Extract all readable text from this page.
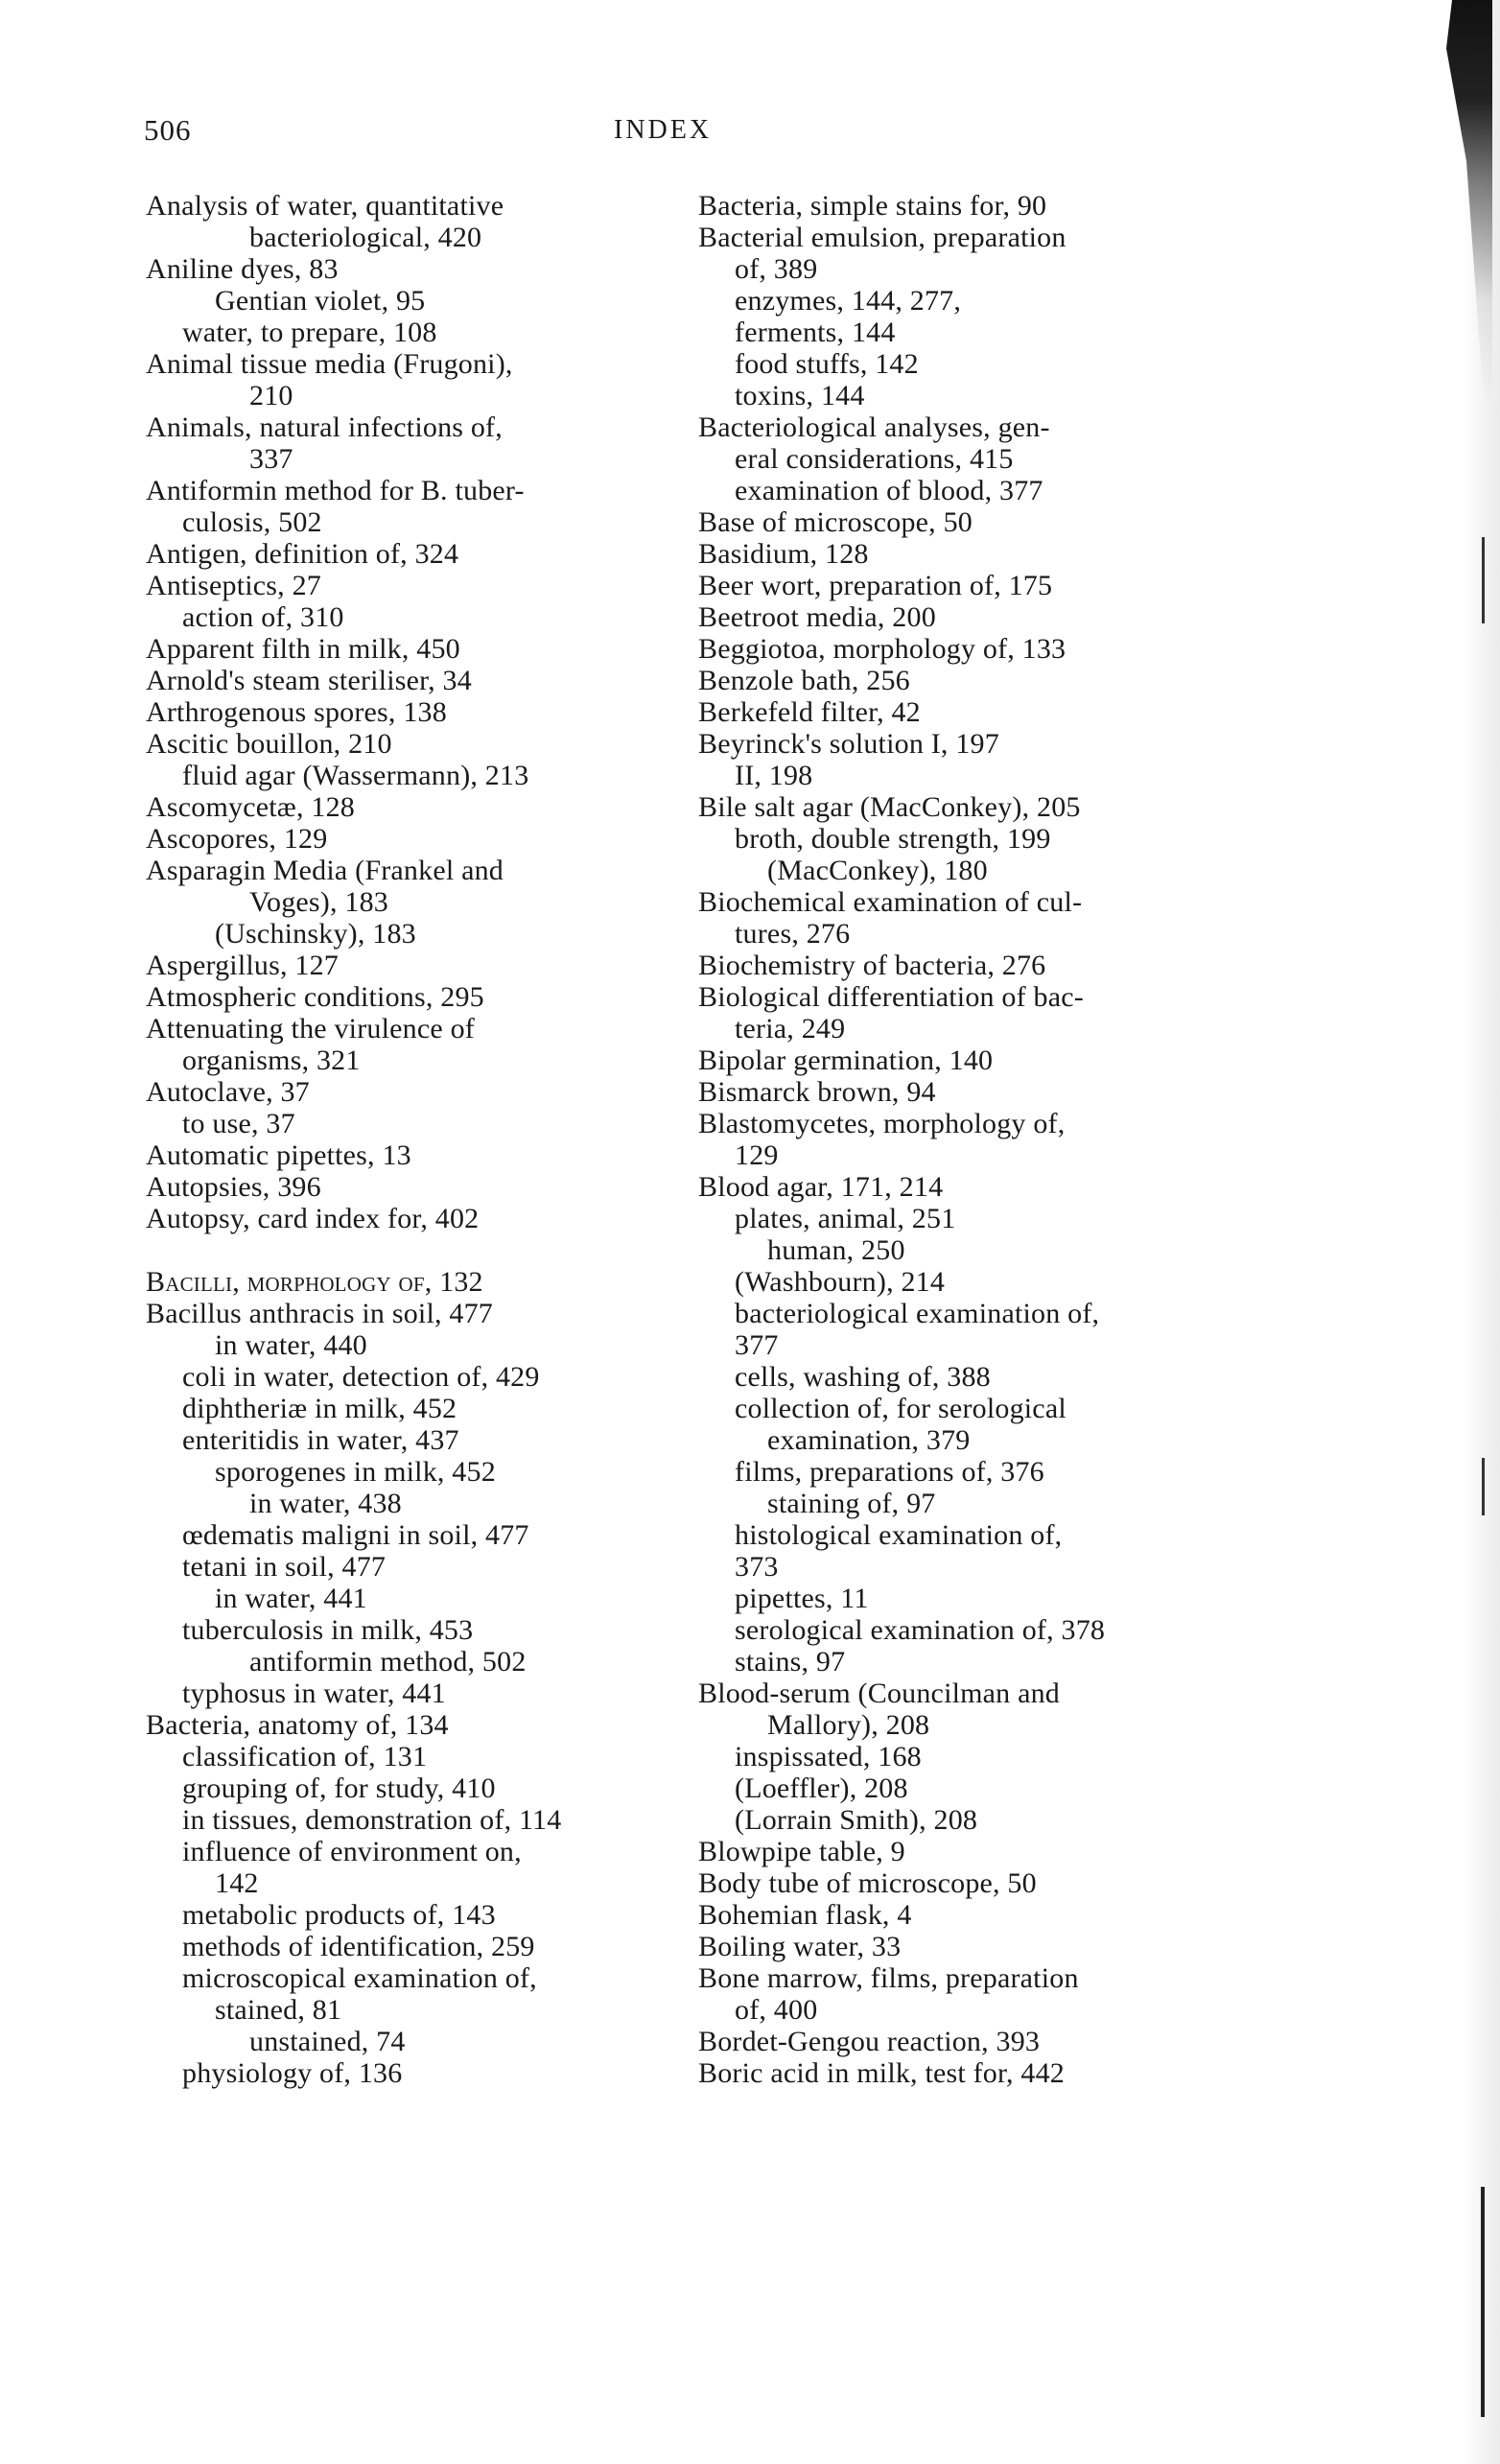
506	INDEX
Analysis of water, quantitative
bacteriological, 420
Aniline dyes, 83
Gentian violet, 95
water, to prepare, 108
Animal tissue media (Frugoni),
210
Animals, natural infections of,
337
Antiformin method for B. tuber-
culosis, 502
Antigen, definition of, 324
Antiseptics, 27
action of, 310
Apparent filth in milk, 450
Arnold's steam steriliser, 34
Arthrogenous spores, 138
Ascitic bouillon, 210
fluid agar (Wassermann), 213
Ascomycetæ, 128
Ascopores, 129
Asparagin Media (Frankel and
Voges), 183
(Uschinsky), 183
Aspergillus, 127
Atmospheric conditions, 295
Attenuating the virulence of
organisms, 321
Autoclave, 37
to use, 37
Automatic pipettes, 13
Autopsies, 396
Autopsy, card index for, 402
Bacilli, morphology of, 132
Bacillus anthracis in soil, 477
in water, 440
coli in water, detection of, 429
diphtheriæ in milk, 452
enteritidis in water, 437
sporogenes in milk, 452
in water, 438
œdematis maligni in soil, 477
tetani in soil, 477
in water, 441
tuberculosis in milk, 453
antiformin method, 502
typhosus in water, 441
Bacteria, anatomy of, 134
classification of, 131
grouping of, for study, 410
in tissues, demonstration of, 114
influence of environment on,
142
metabolic products of, 143
methods of identification, 259
microscopical examination of,
stained, 81
unstained, 74
physiology of, 136
Bacteria, simple stains for, 90
Bacterial emulsion, preparation
of, 389
enzymes, 144, 277,
ferments, 144
food stuffs, 142
toxins, 144
Bacteriological analyses, gen-
eral considerations, 415
examination of blood, 377
Base of microscope, 50
Basidium, 128
Beer wort, preparation of, 175
Beetroot media, 200
Beggiotoa, morphology of, 133
Benzole bath, 256
Berkefeld filter, 42
Beyrinck's solution I, 197
II, 198
Bile salt agar (MacConkey), 205
broth, double strength, 199
(MacConkey), 180
Biochemical examination of cul-
tures, 276
Biochemistry of bacteria, 276
Biological differentiation of bac-
teria, 249
Bipolar germination, 140
Bismarck brown, 94
Blastomycetes, morphology of,
129
Blood agar, 171, 214
plates, animal, 251
human, 250
(Washbourn), 214
bacteriological examination of,
377
cells, washing of, 388
collection of, for serological
examination, 379
films, preparations of, 376
staining of, 97
histological examination of,
373
pipettes, 11
serological examination of, 378
stains, 97
Blood-serum (Councilman and
Mallory), 208
inspissated, 168
(Loeffler), 208
(Lorrain Smith), 208
Blowpipe table, 9
Body tube of microscope, 50
Bohemian flask, 4
Boiling water, 33
Bone marrow, films, preparation
of, 400
Bordet-Gengou reaction, 393
Boric acid in milk, test for, 442
